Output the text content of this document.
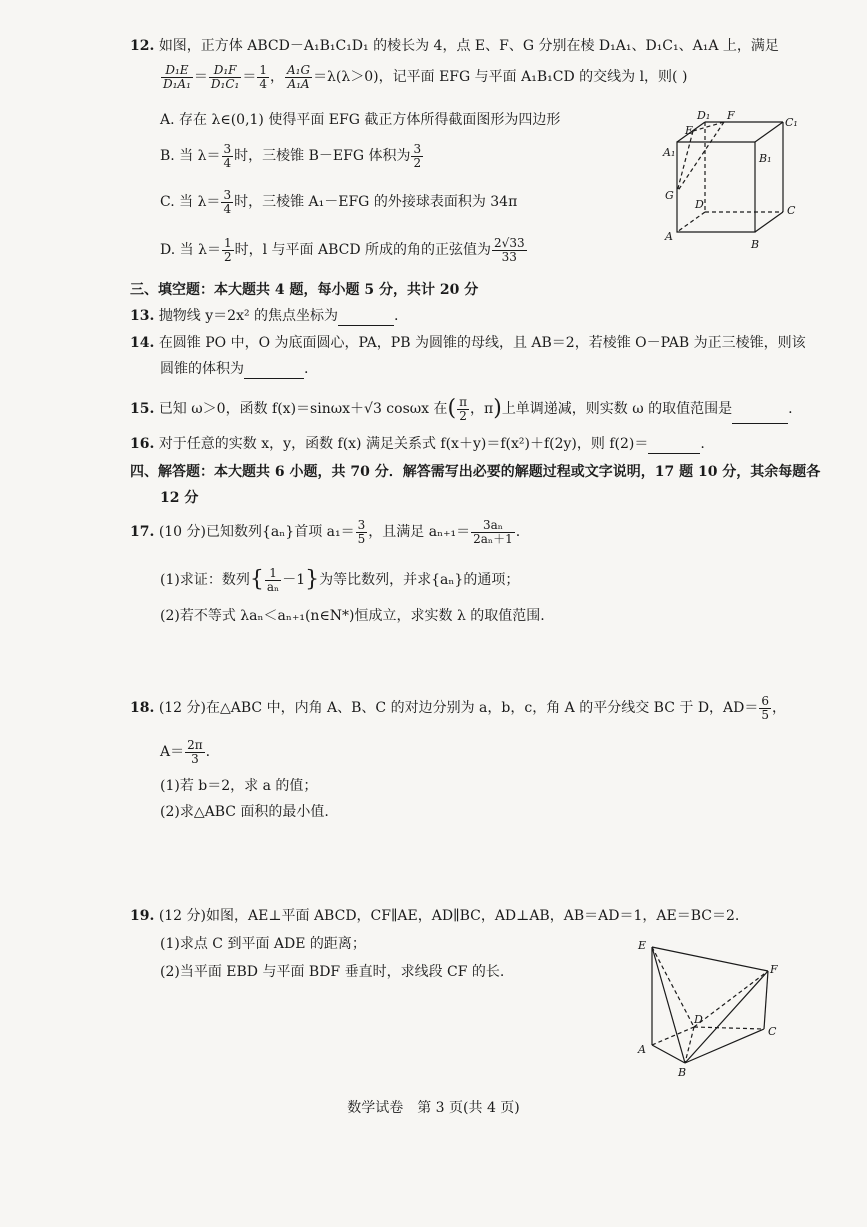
12. 如图，正方体 ABCD－A₁B₁C₁D₁ 的棱长为 4，点 E、F、G 分别在棱 D₁A₁、D₁C₁、A₁A 上，满足
$\frac{\text{D₁E}}{\text{D₁A₁}} = \frac{\text{D₁F}}{\text{D₁C₁}} = \frac{1}{4}$ ， $\frac{\text{A₁G}}{\text{A₁A}} =\lambda(\lambda>0)$，记平面 EFG 与平面 A₁B₁CD 的交线为 l，则( )
A. 存在 λ∈(0,1) 使得平面 EFG 截正方体所得截面图形为四边形
B. 当 $\lambda= \frac{3}{4}$ 时，三棱锥 B－EFG 体积为 $\frac{3}{2}$
C. 当 $\lambda= \frac{3}{4}$ 时，三棱锥 A₁－EFG 的外接球表面积为 34π
D. 当 $\lambda= \frac{1}{2}$ 时，l 与平面 ABCD 所成的角的正弦值为 $\frac{2√33}{33}$
D₁ F
C₁
E
A₁	B₁
G
D	C
A
B
三、填空题：本大题共 4 题，每小题 5 分，共计 20 分
13. 抛物线 y＝2x² 的焦点坐标为	.
14. 在圆锥 PO 中，O 为底面圆心，PA，PB 为圆锥的母线，且 AB＝2，若棱锥 O－PAB 为正三棱锥，则该
圆锥的体积为	.
15. 已知 ω＞0，函数 f(x)＝sinωx＋√3 cosωx 在( $\frac{\pi}{2}$ ，π)上单调递减，则实数 ω 的取值范围是	.
16. 对于任意的实数 x，y，函数 f(x) 满足关系式 f(x＋y)＝f(x²)＋f(2y)，则 f(2)＝	.
四、解答题：本大题共 6 小题，共 70 分．解答需写出必要的解题过程或文字说明，17 题 10 分，其余每题各
12 分
17. (10 分)已知数列{aₙ}首项 $a_1= \frac{3}{5}$ ，且满足 $a_{n+1}= \frac{\text{3aₙ}}{\text{2aₙ＋1}}$ .
(1)求证：数列{ $\frac{1}{\text{aₙ}} -1$}为等比数列，并求{aₙ}的通项；
(2)若不等式 λaₙ＜aₙ₊₁(n∈N*)恒成立，求实数 λ 的取值范围.
18. (12 分)在△ABC 中，内角 A、B、C 的对边分别为 a，b，c，角 A 的平分线交 BC 于 D，$AD= \frac{6}{5}$ ，
$A= \frac{2\pi}{3}$ .
(1)若 b＝2，求 a 的值；
(2)求△ABC 面积的最小值.
19. (12 分)如图，AE⊥平面 ABCD，CF∥AE，AD∥BC，AD⊥AB，AB＝AD＝1，AE＝BC＝2.
(1)求点 C 到平面 ADE 的距离；
(2)当平面 EBD 与平面 BDF 垂直时，求线段 CF 的长.
E
F
D
C
A
B
数学试卷　第 3 页(共 4 页)
